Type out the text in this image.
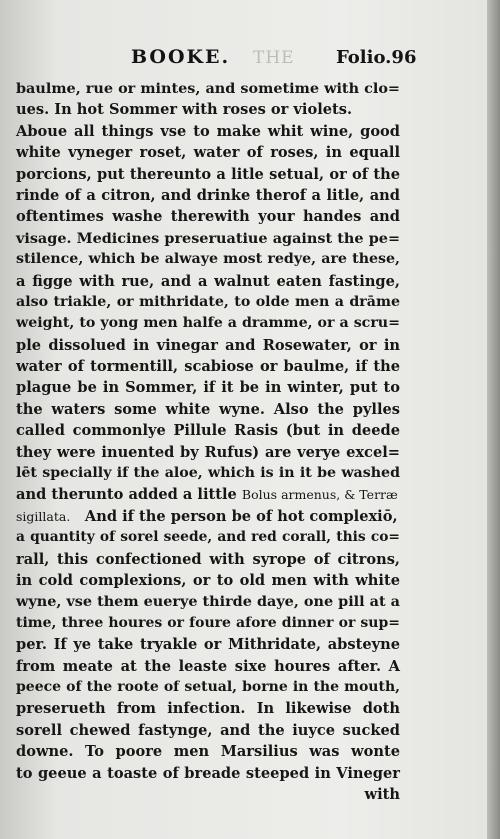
BOOKE. THE Folio.96
baulme, rue or mintes, and sometime with clo=
ues. In hot Sommer with roses or violets.
Aboue all things vse to make whit wine, good
white vyneger roset, water of roses, in equall
porcions, put thereunto a litle setual, or of the
rinde of a citron, and drinke therof a litle, and
oftentimes washe therewith your handes and
visage. Medicines preseruatiue against the pe=
stilence, which be alwaye most redye, are these,
a figge with rue, and a walnut eaten fastinge,
also triakle, or mithridate, to olde men a drāme
weight, to yong men halfe a dramme, or a scru=
ple dissolued in vinegar and Rosewater, or in
water of tormentill, scabiose or baulme, if the
plague be in Sommer, if it be in winter, put to
the waters some white wyne. Also the pylles
called commonlye Pillule Rasis (but in deede
they were inuented by Rufus) are verye excel=
lēt specially if the aloe, which is in it be washed
and therunto added a little Bolus armenus, & Terræ
sigillata.  And if the person be of hot complexiō,
a quantity of sorel seede, and red corall, this co=
rall, this confectioned with syrope of citrons,
in cold complexions, or to old men with white
wyne, vse them euerye thirde daye, one pill at a
time, three houres or foure afore dinner or sup=
per. If ye take tryakle or Mithridate, absteyne
from meate at the leaste sixe houres after. A
peece of the roote of setual, borne in the mouth,
preserueth from infection. In likewise doth
sorell chewed fastynge, and the iuyce sucked
downe. To poore men Marsilius was wonte
to geeue a toaste of breade steeped in Vineger
with
